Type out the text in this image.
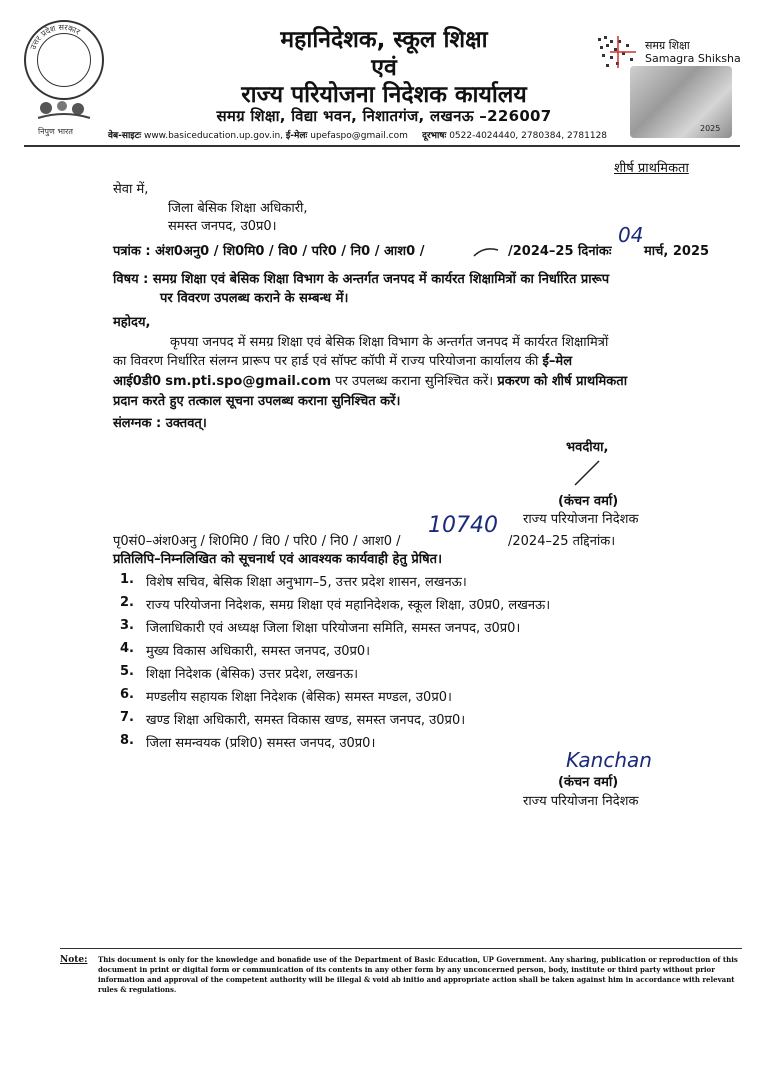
उत्तर प्रदेश सरकार
निपुण भारत
महानिदेशक, स्कूल शिक्षा
एवं
राज्य परियोजना निदेशक कार्यालय
समग्र शिक्षा, विद्या भवन, निशातगंज, लखनऊ –226007
वेब-साइटः www.basiceducation.up.gov.in, ई-मेलः upefaspo@gmail.com दूरभाषः 0522-4024440, 2780384, 2781128
समग्र शिक्षा
Samagra Shiksha
2025
शीर्ष प्राथमिकता
सेवा में,
जिला बेसिक शिक्षा अधिकारी,
समस्त जनपद, उ0प्र0।
पत्रांक : अंश0अनु0 / शि0मि0 / वि0 / परि0 / नि0 / आश0 /	/2024–25 दिनांकः
04
मार्च, 2025
विषय : समग्र शिक्षा एवं बेसिक शिक्षा विभाग के अन्तर्गत जनपद में कार्यरत शिक्षामित्रों का निर्धारित प्रारूप
पर विवरण उपलब्ध कराने के सम्बन्ध में।
महोदय,
कृपया जनपद में समग्र शिक्षा एवं बेसिक शिक्षा विभाग के अन्तर्गत जनपद में कार्यरत शिक्षामित्रों
का विवरण निर्धारित संलग्न प्रारूप पर हार्ड एवं सॉफ्ट कॉपी में राज्य परियोजना कार्यालय की ई–मेल
आई0डी0 sm.pti.spo@gmail.com पर उपलब्ध कराना सुनिश्चित करें। प्रकरण को शीर्ष प्राथमिकता
प्रदान करते हुए तत्काल सूचना उपलब्ध कराना सुनिश्चित करें।
संलग्नक : उक्तवत्।
भवदीया,
(कंचन वर्मा)
राज्य परियोजना निदेशक
पृ0सं0–अंश0अनु / शि0मि0 / वि0 / परि0 / नि0 / आश0 /
10740
/2024–25 तद्दिनांक।
प्रतिलिपि–निम्नलिखित को सूचनार्थ एवं आवश्यक कार्यवाही हेतु प्रेषित।
1. विशेष सचिव, बेसिक शिक्षा अनुभाग–5, उत्तर प्रदेश शासन, लखनऊ।
2. राज्य परियोजना निदेशक, समग्र शिक्षा एवं महानिदेशक, स्कूल शिक्षा, उ0प्र0, लखनऊ।
3. जिलाधिकारी एवं अध्यक्ष जिला शिक्षा परियोजना समिति, समस्त जनपद, उ0प्र0।
4. मुख्य विकास अधिकारी, समस्त जनपद, उ0प्र0।
5. शिक्षा निदेशक (बेसिक) उत्तर प्रदेश, लखनऊ।
6. मण्डलीय सहायक शिक्षा निदेशक (बेसिक) समस्त मण्डल, उ0प्र0।
7. खण्ड शिक्षा अधिकारी, समस्त विकास खण्ड, समस्त जनपद, उ0प्र0।
8. जिला समन्वयक (प्रशि0) समस्त जनपद, उ0प्र0।
Kanchan
(कंचन वर्मा)
राज्य परियोजना निदेशक
Note: This document is only for the knowledge and bonafide use of the Department of Basic Education, UP Government. Any sharing, publication or reproduction of this document in print or digital form or communication of its contents in any other form by any unconcerned person, body, institute or third party without prior information and approval of the competent authority will be illegal & void ab initio and appropriate action shall be taken against him in accordance with relevant rules & regulations.
